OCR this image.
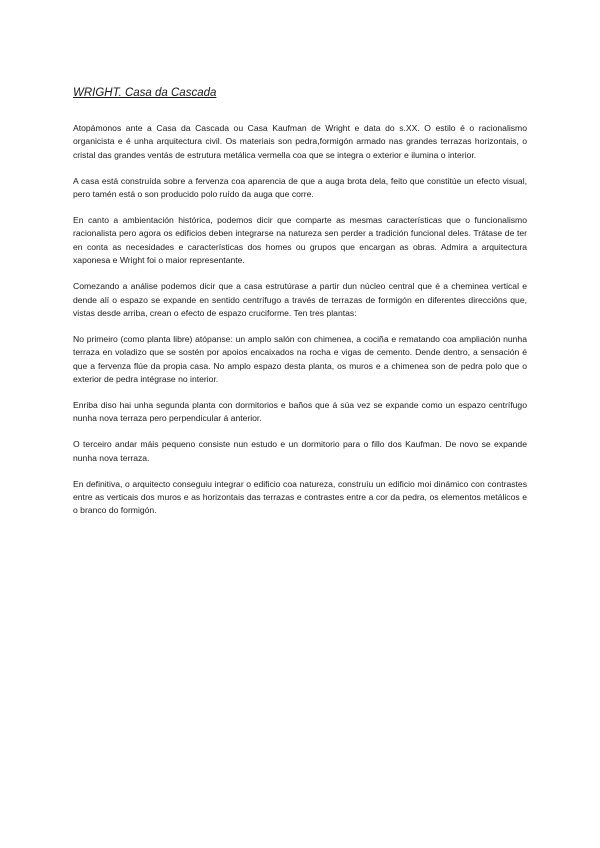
WRIGHT. Casa da Cascada

Atopámonos ante a Casa da Cascada ou Casa Kaufman de Wright e data do s.XX. O estilo é o racionalismo organicista e é unha arquitectura civil. Os materiais son pedra,formigón armado nas grandes terrazas horizontais, o cristal das grandes ventás de estrutura metálica vermella coa que se integra o exterior e ilumina o interior.

A casa está construída sobre a fervenza coa aparencia de que a auga brota dela, feito que constitúe un efecto visual, pero tamén está o son producido polo ruído da auga que corre.

En canto a ambientación histórica, podemos dicir que comparte as mesmas características que o funcionalismo racionalista pero agora os edificios deben integrarse na natureza sen perder a tradición funcional deles. Trátase de ter en conta as necesidades e características dos homes ou grupos que encargan as obras. Admira a arquitectura xaponesa e Wright foi o maior representante.

Comezando a análise podemos dicir que a casa estrutúrase a partir dun núcleo central que é a cheminea vertical e dende alí o espazo se expande en sentido centrífugo a través de terrazas de formigón en diferentes direccións que, vistas desde arriba, crean o efecto de espazo cruciforme. Ten tres plantas:

No primeiro (como planta libre) atópanse: un amplo salón con chimenea, a cociña e rematando coa ampliación nunha terraza en voladizo que se sostén por apoios encaixados na rocha e vigas de cemento. Dende dentro, a sensación é que a fervenza flúe da propia casa. No amplo espazo desta planta, os muros e a chimenea son de pedra polo que o exterior de pedra intégrase no interior.

Enriba diso hai unha segunda planta con dormitorios e baños que á súa vez se expande como un espazo centrífugo nunha nova terraza pero perpendicular á anterior.

O terceiro andar máis pequeno consiste nun estudo e un dormitorio para o fillo dos Kaufman. De novo se expande nunha nova terraza.

En definitiva, o arquitecto conseguiu integrar o edificio coa natureza, construíu un edificio moi dinámico con contrastes entre as verticais dos muros e as horizontais das terrazas e contrastes entre a cor da pedra, os elementos metálicos e o branco do formigón.
